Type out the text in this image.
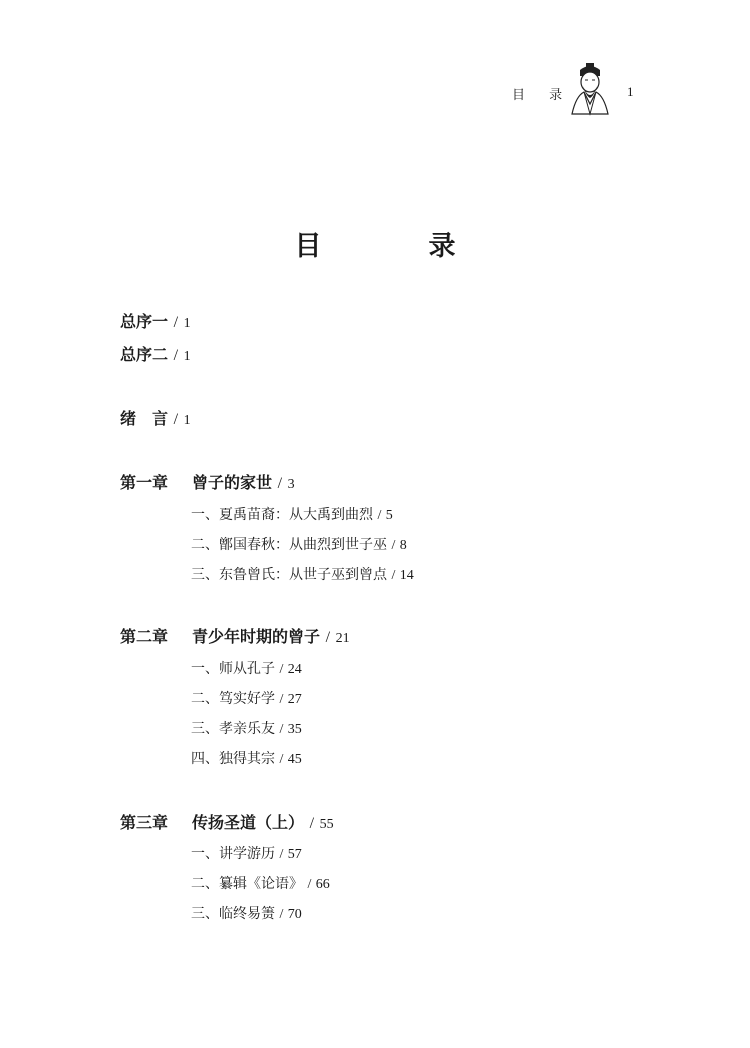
目 录	1
目　录
总序一 / 1
总序二 / 1
绪　言 / 1
第一章 曾子的家世 / 3
一、夏禹苗裔：从大禹到曲烈 / 5
二、鄫国春秋：从曲烈到世子巫 / 8
三、东鲁曾氏：从世子巫到曾点 / 14
第二章 青少年时期的曾子 / 21
一、师从孔子 / 24
二、笃实好学 / 27
三、孝亲乐友 / 35
四、独得其宗 / 45
第三章 传扬圣道（上） / 55
一、讲学游历 / 57
二、纂辑《论语》 / 66
三、临终易箦 / 70
